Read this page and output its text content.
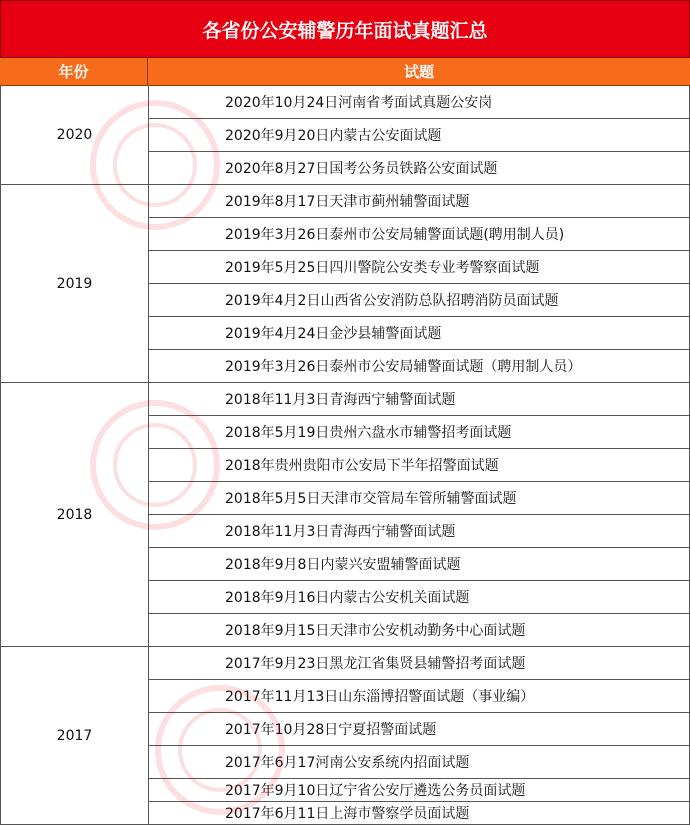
各省份公安辅警历年面试真题汇总
年份	试题
2020年10月24日河南省考面试真题公安岗
2020年9月20日内蒙古公安面试题
2020年8月27日国考公务员铁路公安面试题
2020
2019年8月17日天津市蓟州辅警面试题
2019年3月26日泰州市公安局辅警面试题(聘用制人员)
2019年5月25日四川警院公安类专业考警察面试题
2019年4月2日山西省公安消防总队招聘消防员面试题
2019年4月24日金沙县辅警面试题
2019年3月26日泰州市公安局辅警面试题（聘用制人员）
2019
2018年11月3日青海西宁辅警面试题
2018年5月19日贵州六盘水市辅警招考面试题
2018年贵州贵阳市公安局下半年招警面试题
2018年5月5日天津市交管局车管所辅警面试题
2018年11月3日青海西宁辅警面试题
2018年9月8日内蒙兴安盟辅警面试题
2018年9月16日内蒙古公安机关面试题
2018年9月15日天津市公安机动勤务中心面试题
2018
2017年9月23日黑龙江省集贤县辅警招考面试题
2017年11月13日山东淄博招警面试题（事业编）
2017年10月28日宁夏招警面试题
2017年6月17河南公安系统内招面试题
2017年9月10日辽宁省公安厅遴选公务员面试题
2017年6月11日上海市警察学员面试题
2017
